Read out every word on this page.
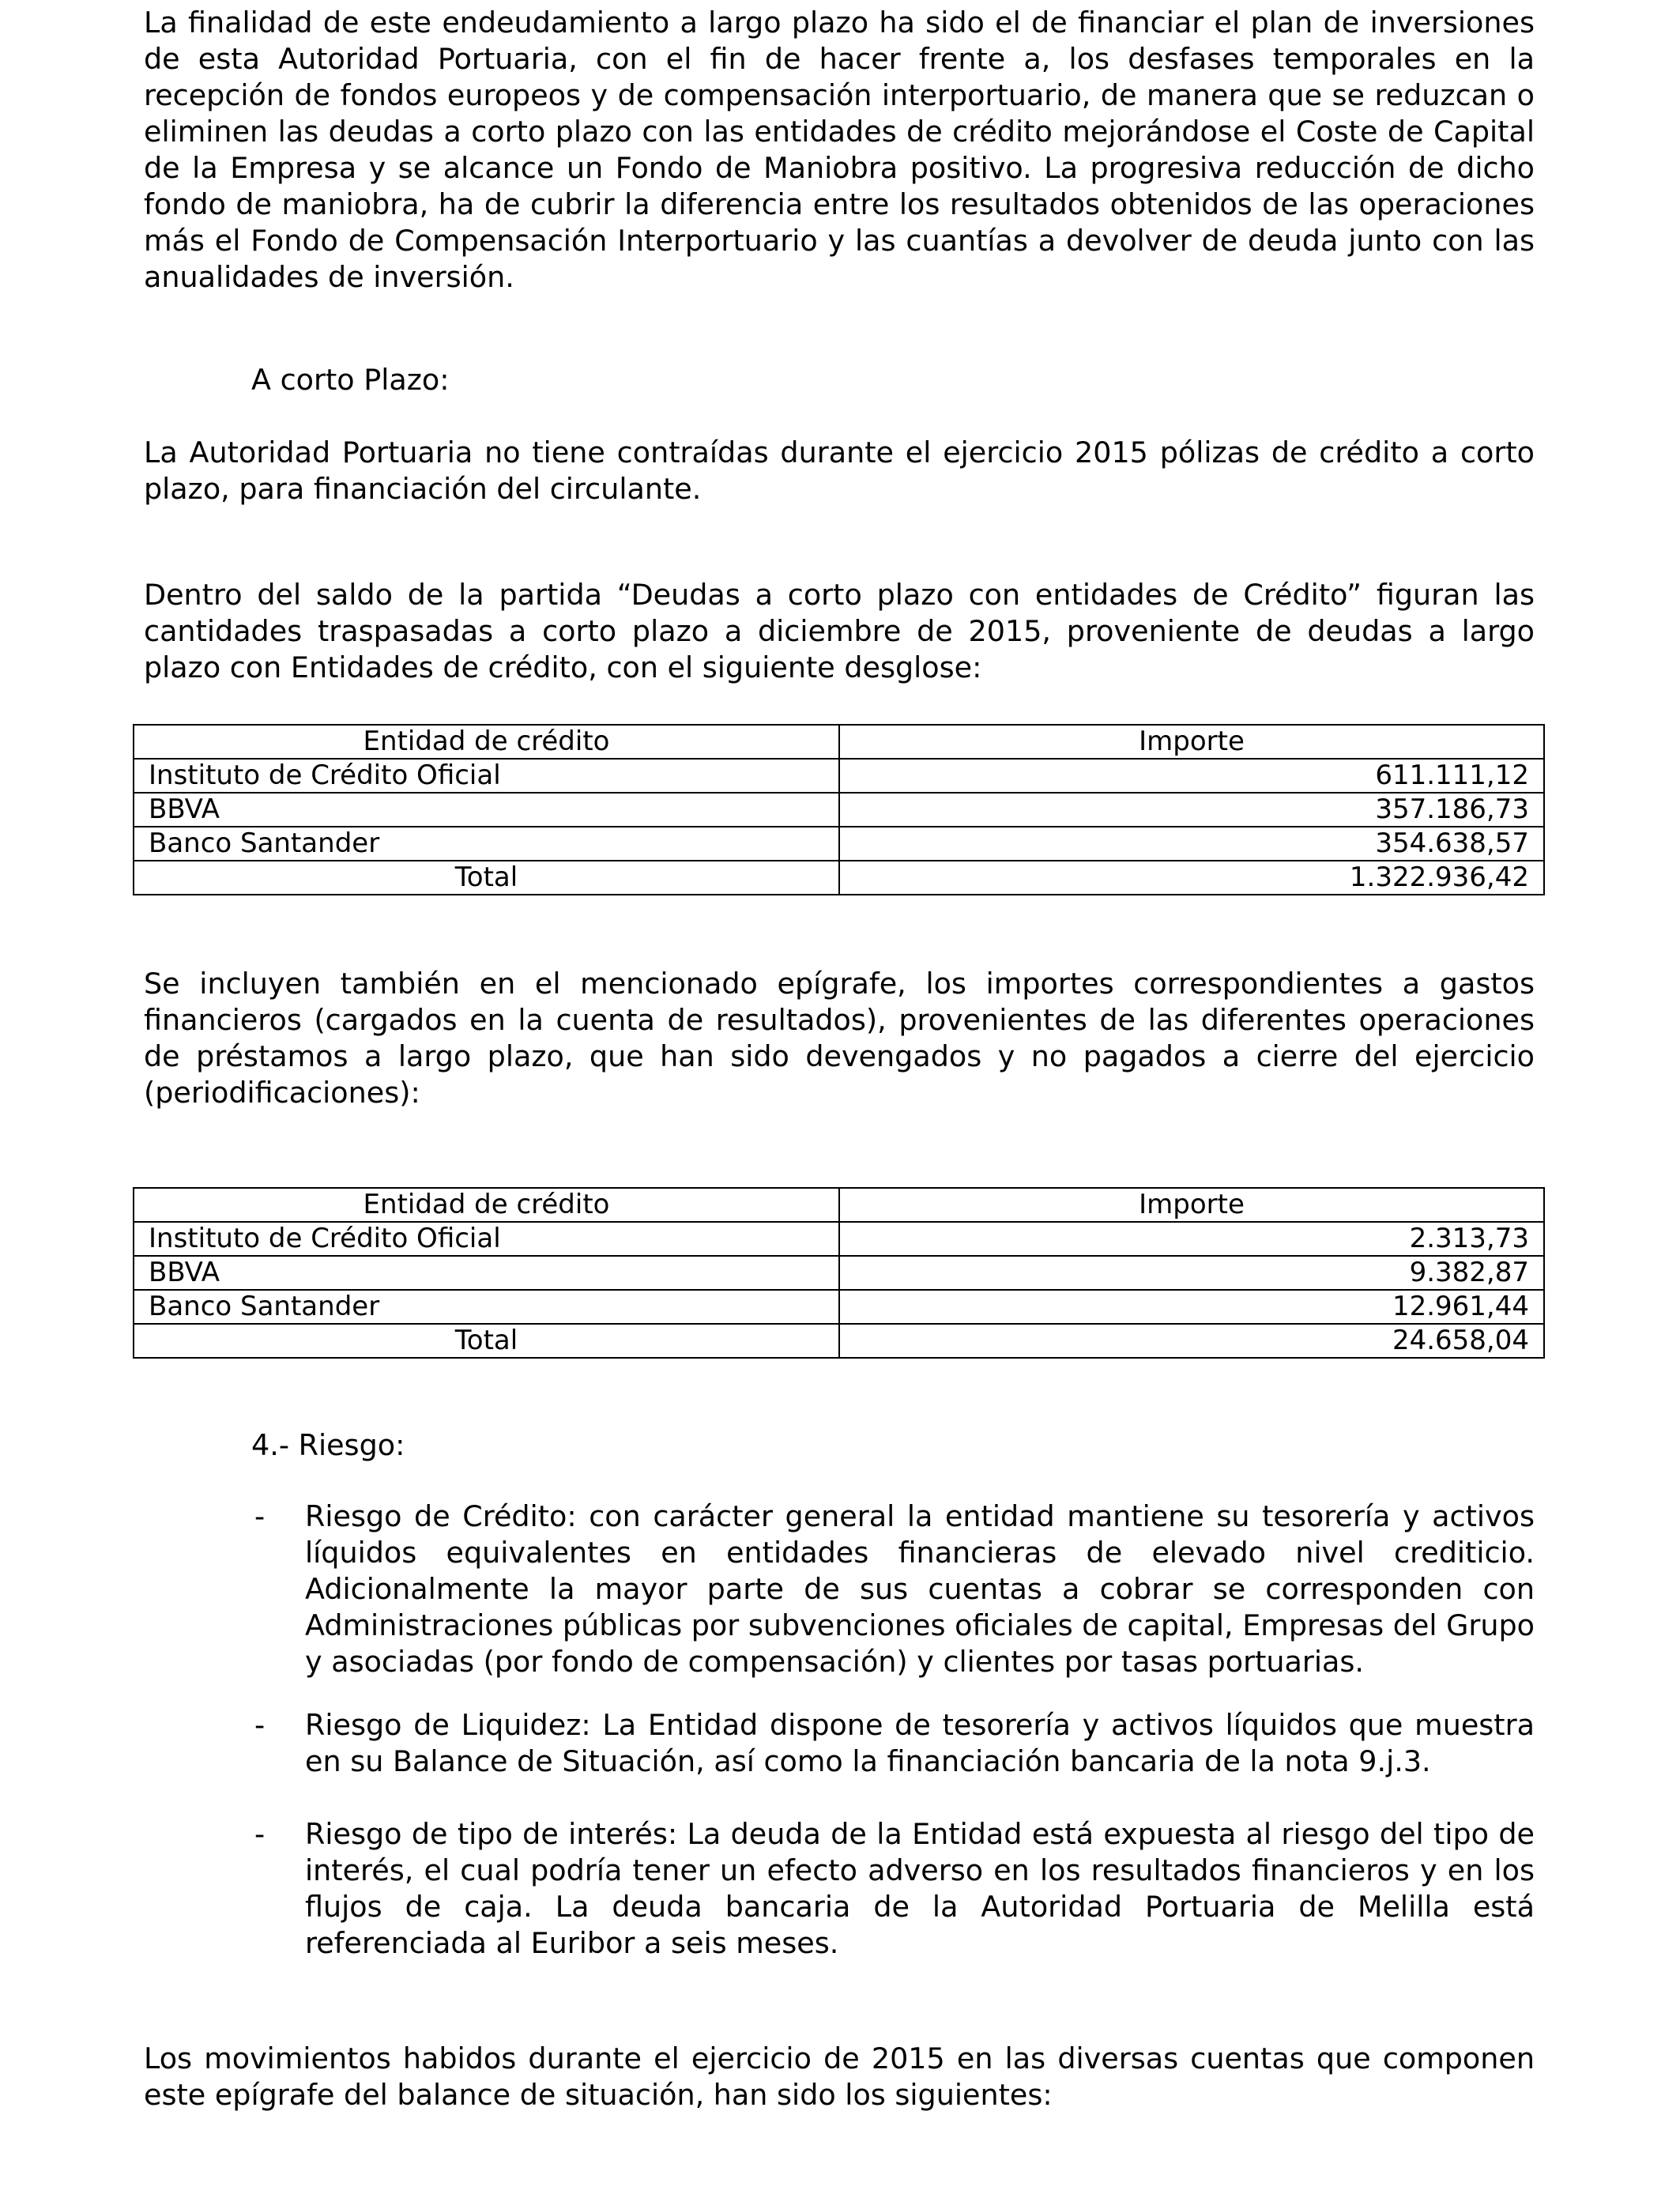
La finalidad de este endeudamiento a largo plazo ha sido el de financiar el plan de inversiones de esta Autoridad Portuaria, con el fin de hacer frente a, los desfases temporales en la recepción de fondos europeos y de compensación interportuario, de manera que se reduzcan o eliminen las deudas a corto plazo con las entidades de crédito mejorándose el Coste de Capital de la Empresa y se alcance un Fondo de Maniobra positivo. La progresiva reducción de dicho fondo de maniobra, ha de cubrir la diferencia entre los resultados obtenidos de las operaciones más el Fondo de Compensación Interportuario y las cuantías a devolver de deuda junto con las anualidades de inversión.

A corto Plazo:

La Autoridad Portuaria no tiene contraídas durante el ejercicio 2015 pólizas de crédito a corto plazo, para financiación del circulante.

Dentro del saldo de la partida “Deudas a corto plazo con entidades de Crédito” figuran las cantidades traspasadas a corto plazo a diciembre de 2015, proveniente de deudas a largo plazo con Entidades de crédito, con el siguiente desglose:

Entidad de crédito	Importe
Instituto de Crédito Oficial	611.111,12
BBVA	357.186,73
Banco Santander	354.638,57
Total	1.322.936,42

Se incluyen también en el mencionado epígrafe, los importes correspondientes a gastos financieros (cargados en la cuenta de resultados), provenientes de las diferentes operaciones de préstamos a largo plazo, que han sido devengados y no pagados a cierre del ejercicio (periodificaciones):

Entidad de crédito	Importe
Instituto de Crédito Oficial	2.313,73
BBVA	9.382,87
Banco Santander	12.961,44
Total	24.658,04

4.- Riesgo:

- Riesgo de Crédito: con carácter general la entidad mantiene su tesorería y activos líquidos equivalentes en entidades financieras de elevado nivel crediticio. Adicionalmente la mayor parte de sus cuentas a cobrar se corresponden con Administraciones públicas por subvenciones oficiales de capital, Empresas del Grupo y asociadas (por fondo de compensación) y clientes por tasas portuarias.
- Riesgo de Liquidez: La Entidad dispone de tesorería y activos líquidos que muestra en su Balance de Situación, así como la financiación bancaria de la nota 9.j.3.
- Riesgo de tipo de interés: La deuda de la Entidad está expuesta al riesgo del tipo de interés, el cual podría tener un efecto adverso en los resultados financieros y en los flujos de caja. La deuda bancaria de la Autoridad Portuaria de Melilla está referenciada al Euribor a seis meses.

Los movimientos habidos durante el ejercicio de 2015 en las diversas cuentas que componen este epígrafe del balance de situación, han sido los siguientes:
